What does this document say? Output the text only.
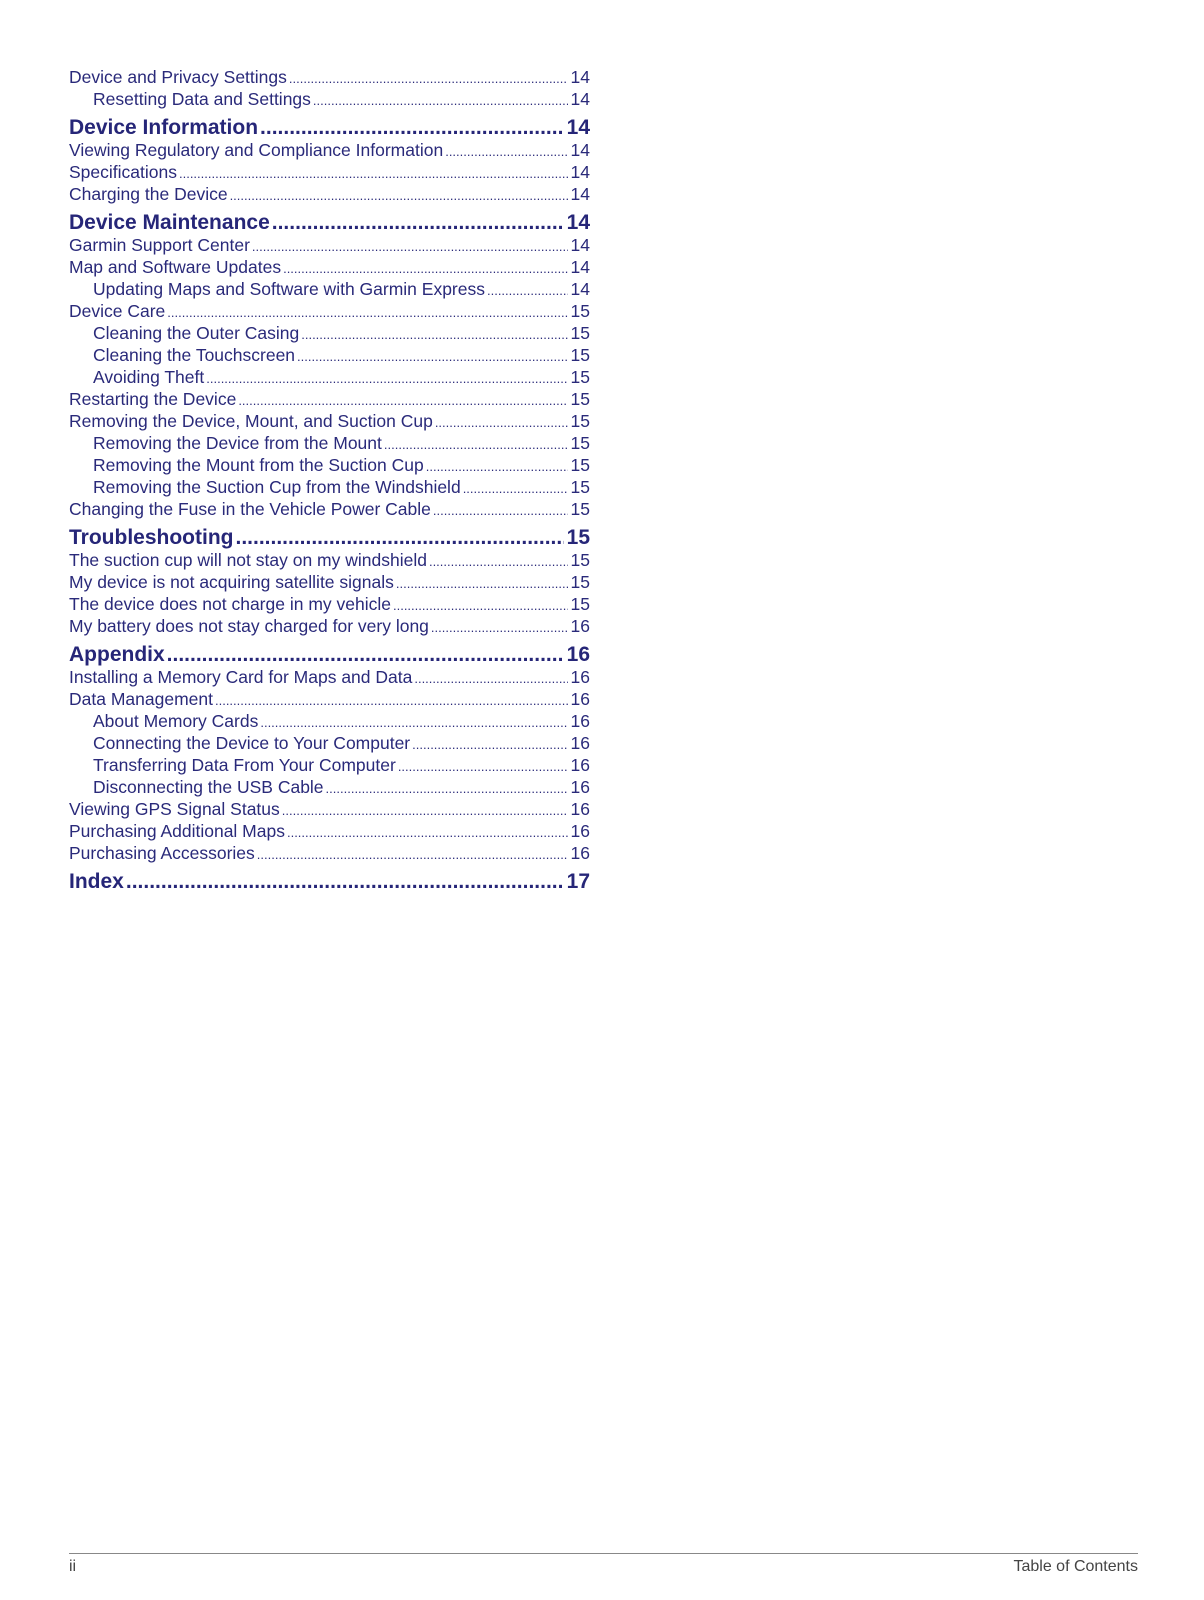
Device and Privacy Settings .....	14
Resetting Data and Settings .....	14
Device Information .....	14
Viewing Regulatory and Compliance Information .....	14
Specifications .....	14
Charging the Device .....	14
Device Maintenance .....	14
Garmin Support Center .....	14
Map and Software Updates .....	14
Updating Maps and Software with Garmin Express .....	14
Device Care .....	15
Cleaning the Outer Casing .....	15
Cleaning the Touchscreen .....	15
Avoiding Theft .....	15
Restarting the Device .....	15
Removing the Device, Mount, and Suction Cup .....	15
Removing the Device from the Mount .....	15
Removing the Mount from the Suction Cup .....	15
Removing the Suction Cup from the Windshield .....	15
Changing the Fuse in the Vehicle Power Cable .....	15
Troubleshooting .....	15
The suction cup will not stay on my windshield .....	15
My device is not acquiring satellite signals .....	15
The device does not charge in my vehicle .....	15
My battery does not stay charged for very long .....	16
Appendix .....	16
Installing a Memory Card for Maps and Data .....	16
Data Management .....	16
About Memory Cards .....	16
Connecting the Device to Your Computer .....	16
Transferring Data From Your Computer .....	16
Disconnecting the USB Cable .....	16
Viewing GPS Signal Status .....	16
Purchasing Additional Maps .....	16
Purchasing Accessories .....	16
Index .....	17
ii	Table of Contents
